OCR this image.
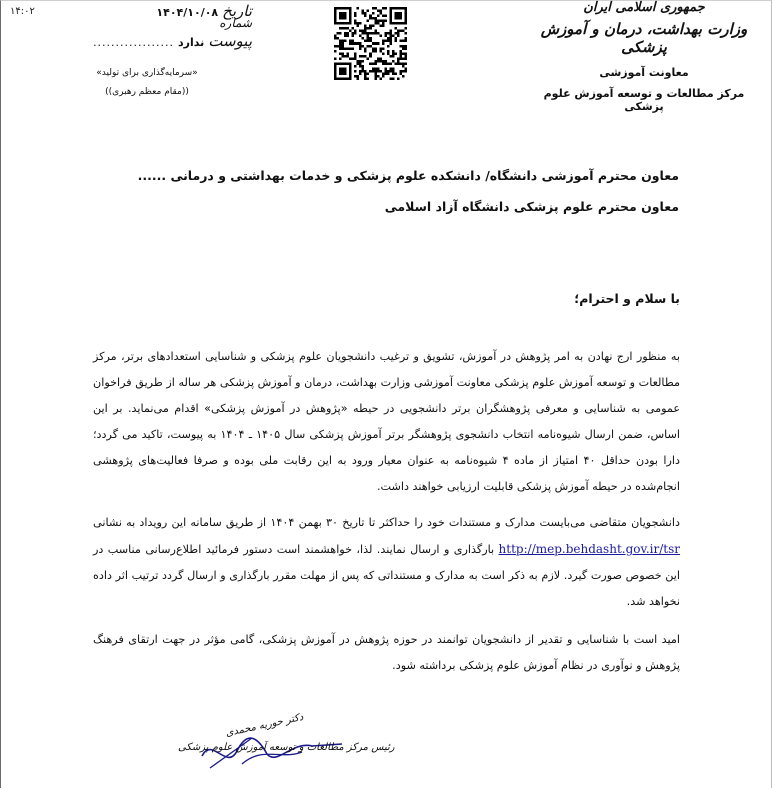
۱۴:۰۲	تاریخ
۱۴۰۴/۱۰/۰۸
شماره
پیوست
ندارد
..................
«سرمایه‌گذاری برای تولید»
((مقام معظم رهبری))
جمهوری اسلامی ایران
وزارت بهداشت، درمان و آموزش پزشکی
معاونت آموزشی
مرکز مطالعات و توسعه آموزش علوم پزشکی
معاون محترم آموزشی دانشگاه/ دانشکده علوم پزشکی و خدمات بهداشتی و درمانی ......
معاون محترم علوم پزشکی دانشگاه آزاد اسلامی
با سلام و احترام؛
به منظور ارج نهادن به امر پژوهش در آموزش، تشویق و ترغیب دانشجویان علوم پزشکی و شناسایی استعدادهای برتر، مرکز مطالعات و توسعه آموزش علوم پزشکی معاونت آموزشی وزارت بهداشت، درمان و آموزش پزشکی هر ساله از طریق فراخوان عمومی به شناسایی و معرفی پژوهشگران برتر دانشجویی در حیطه «پژوهش در آموزش پزشکی» اقدام می‌نماید. بر این اساس، ضمن ارسال شیوه‌نامه انتخاب دانشجوی پژوهشگر برتر آموزش پزشکی سال ۱۴۰۵ ـ ۱۴۰۴ به پیوست، تاکید می گردد؛ دارا بودن حداقل ۴۰ امتیاز از ماده ۴ شیوه‌نامه به عنوان معیار ورود به این رقابت ملی بوده و صرفا فعالیت‌های پژوهشی انجام‌شده در حیطه آموزش پزشکی قابلیت ارزیابی خواهند داشت.
دانشجویان متقاضی می‌بایست مدارک و مستندات خود را حداکثر تا تاریخ ۳۰ بهمن ۱۴۰۴ از طریق سامانه این رویداد به نشانی http://mep.behdasht.gov.ir/tsr بارگذاری و ارسال نمایند. لذا، خواهشمند است دستور فرمائید اطلاع‌رسانی مناسب در این خصوص صورت گیرد. لازم به ذکر است به مدارک و مستنداتی که پس از مهلت مقرر بارگذاری و ارسال گردد ترتیب اثر داده نخواهد شد.
امید است با شناسایی و تقدیر از دانشجویان توانمند در حوزه پژوهش در آموزش پزشکی، گامی مؤثر در جهت ارتقای فرهنگ پژوهش و نوآوری در نظام آموزش علوم پزشکی برداشته شود.
دکتر حوریه محمدی
رئیس مرکز مطالعات و توسعه آموزش علوم پزشکی
